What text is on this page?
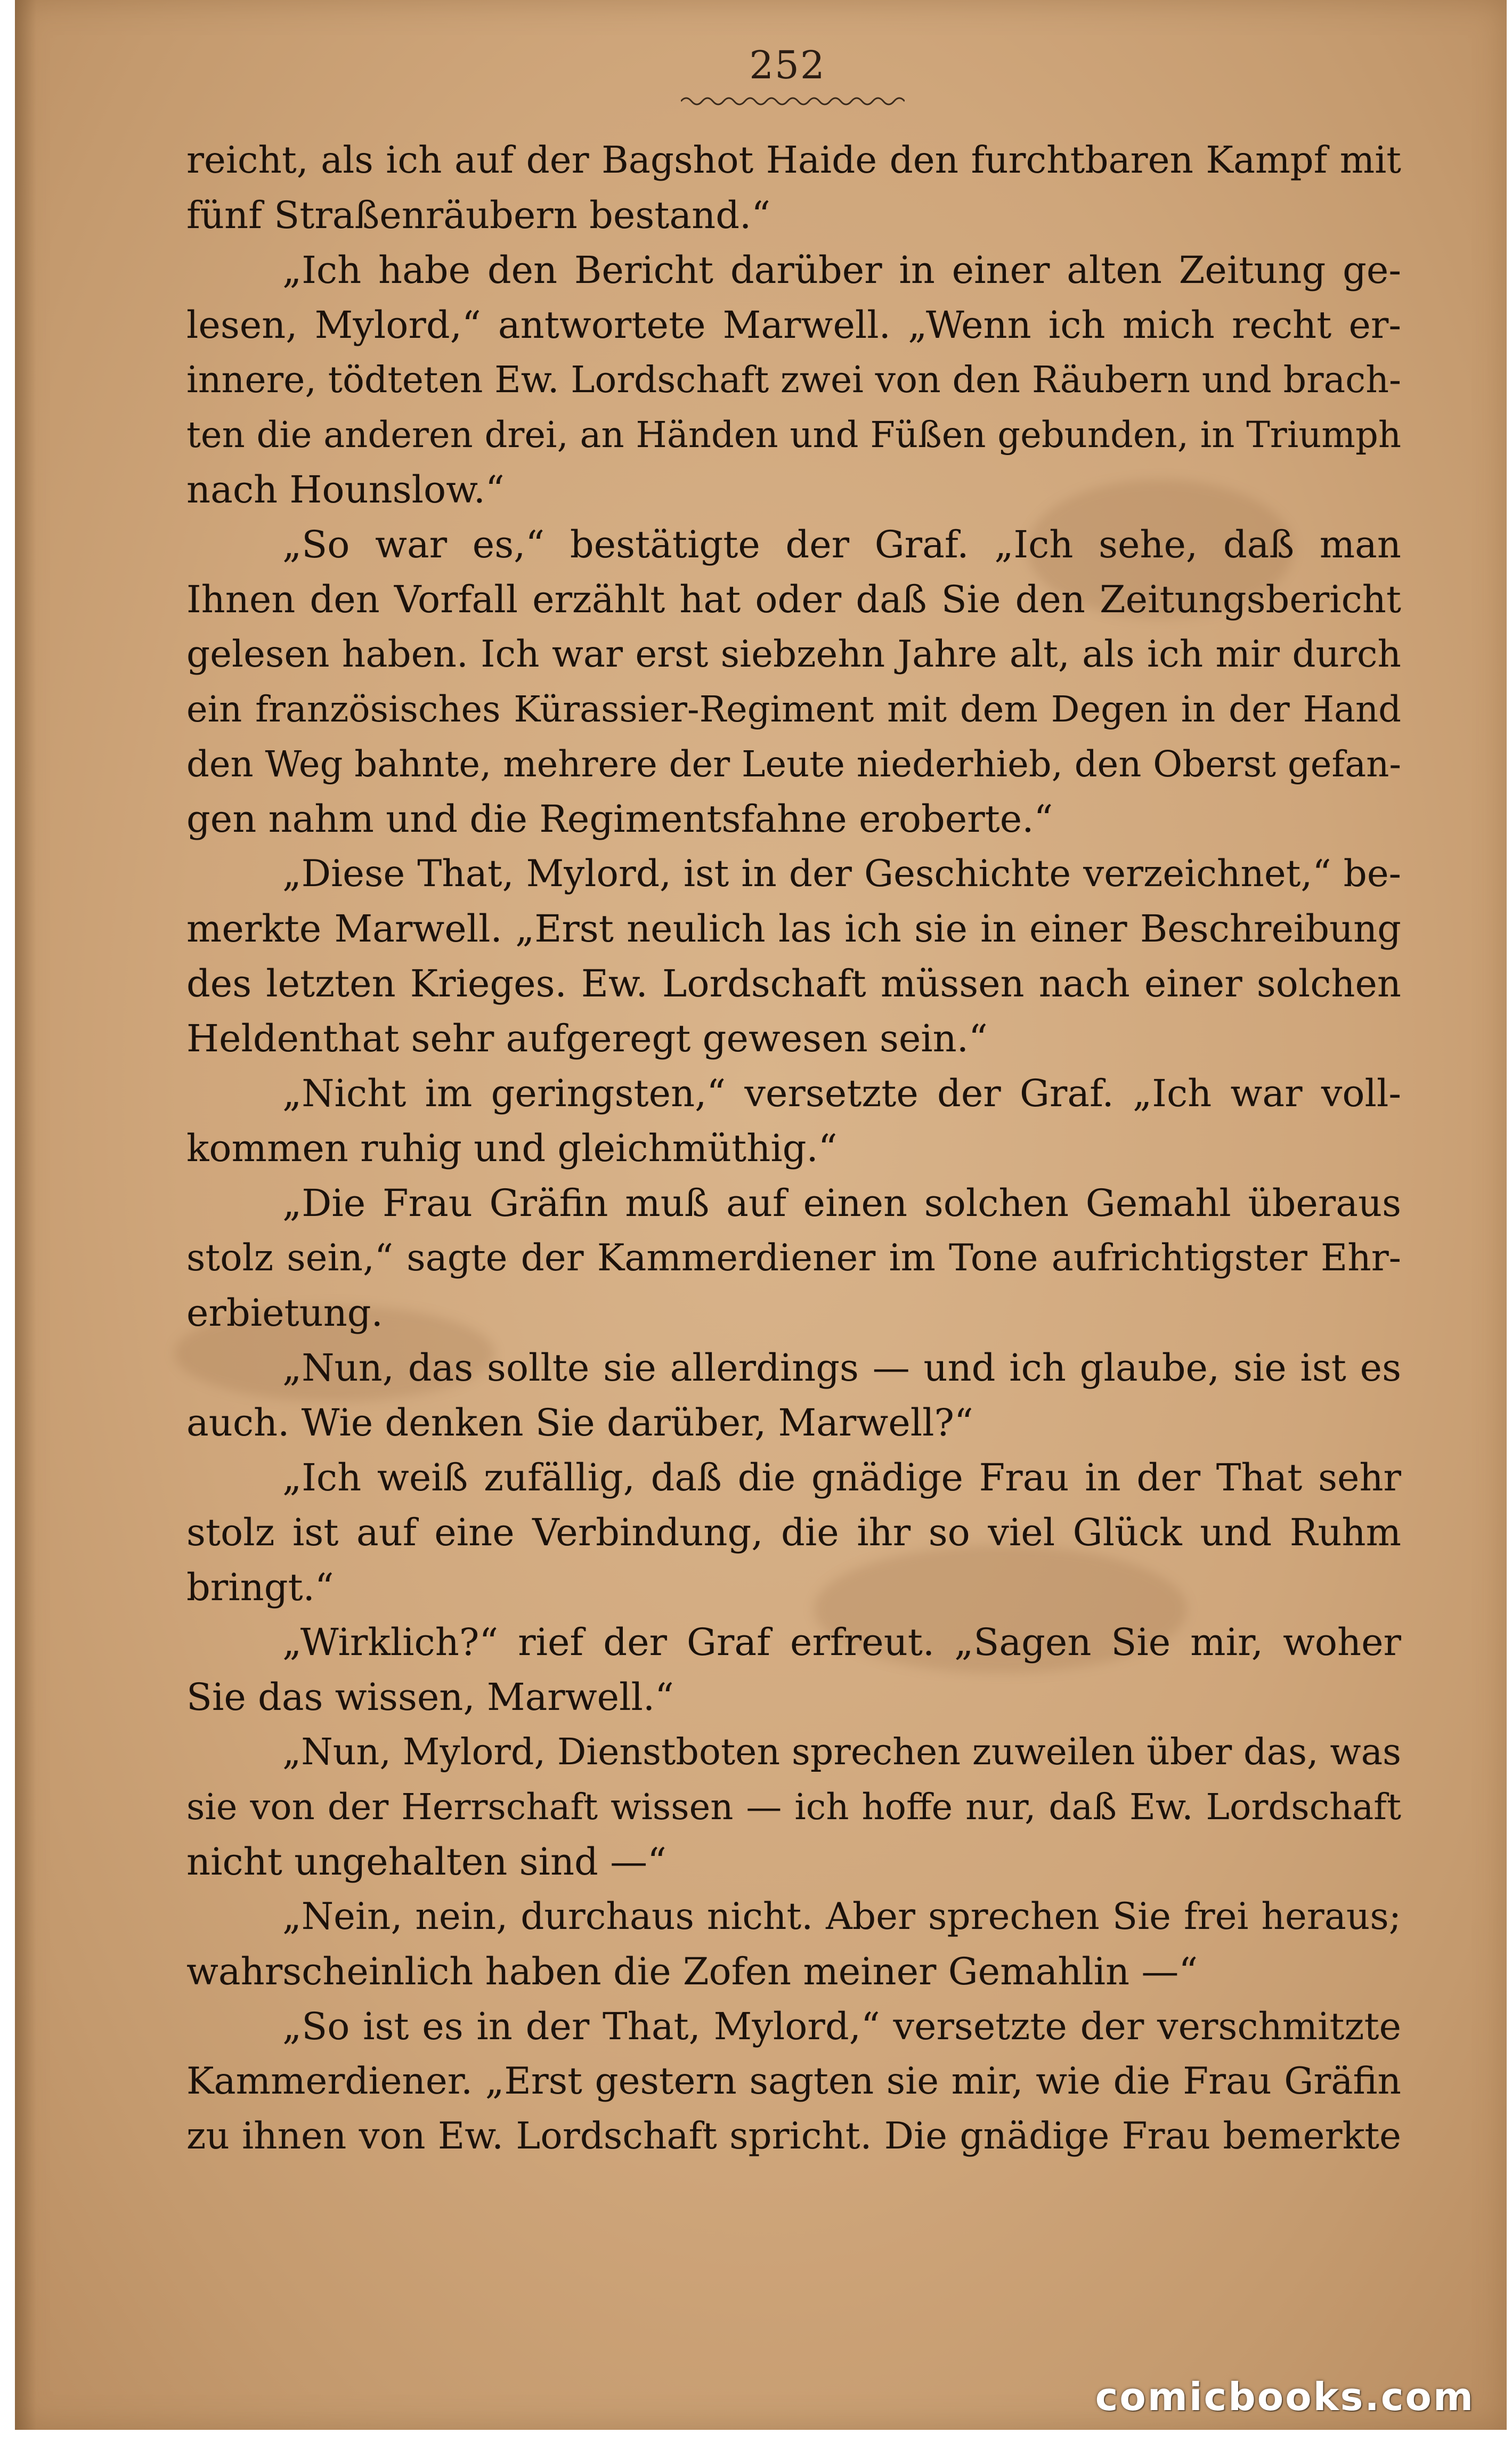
252
reicht, als ich auf der Bagshot Haide den furchtbaren Kampf mit
fünf Straßenräubern bestand.“
„Ich habe den Bericht darüber in einer alten Zeitung ge-
lesen, Mylord,“ antwortete Marwell. „Wenn ich mich recht er-
innere, tödteten Ew. Lordschaft zwei von den Räubern und brach-
ten die anderen drei, an Händen und Füßen gebunden, in Triumph
nach Hounslow.“
„So war es,“ bestätigte der Graf. „Ich sehe, daß man
Ihnen den Vorfall erzählt hat oder daß Sie den Zeitungsbericht
gelesen haben. Ich war erst siebzehn Jahre alt, als ich mir durch
ein französisches Kürassier-Regiment mit dem Degen in der Hand
den Weg bahnte, mehrere der Leute niederhieb, den Oberst gefan-
gen nahm und die Regimentsfahne eroberte.“
„Diese That, Mylord, ist in der Geschichte verzeichnet,“ be-
merkte Marwell. „Erst neulich las ich sie in einer Beschreibung
des letzten Krieges. Ew. Lordschaft müssen nach einer solchen
Heldenthat sehr aufgeregt gewesen sein.“
„Nicht im geringsten,“ versetzte der Graf. „Ich war voll-
kommen ruhig und gleichmüthig.“
„Die Frau Gräfin muß auf einen solchen Gemahl überaus
stolz sein,“ sagte der Kammerdiener im Tone aufrichtigster Ehr-
erbietung.
„Nun, das sollte sie allerdings — und ich glaube, sie ist es
auch. Wie denken Sie darüber, Marwell?“
„Ich weiß zufällig, daß die gnädige Frau in der That sehr
stolz ist auf eine Verbindung, die ihr so viel Glück und Ruhm
bringt.“
„Wirklich?“ rief der Graf erfreut. „Sagen Sie mir, woher
Sie das wissen, Marwell.“
„Nun, Mylord, Dienstboten sprechen zuweilen über das, was
sie von der Herrschaft wissen — ich hoffe nur, daß Ew. Lordschaft
nicht ungehalten sind —“
„Nein, nein, durchaus nicht. Aber sprechen Sie frei heraus;
wahrscheinlich haben die Zofen meiner Gemahlin —“
„So ist es in der That, Mylord,“ versetzte der verschmitzte
Kammerdiener. „Erst gestern sagten sie mir, wie die Frau Gräfin
zu ihnen von Ew. Lordschaft spricht. Die gnädige Frau bemerkte
comicbooks.com
